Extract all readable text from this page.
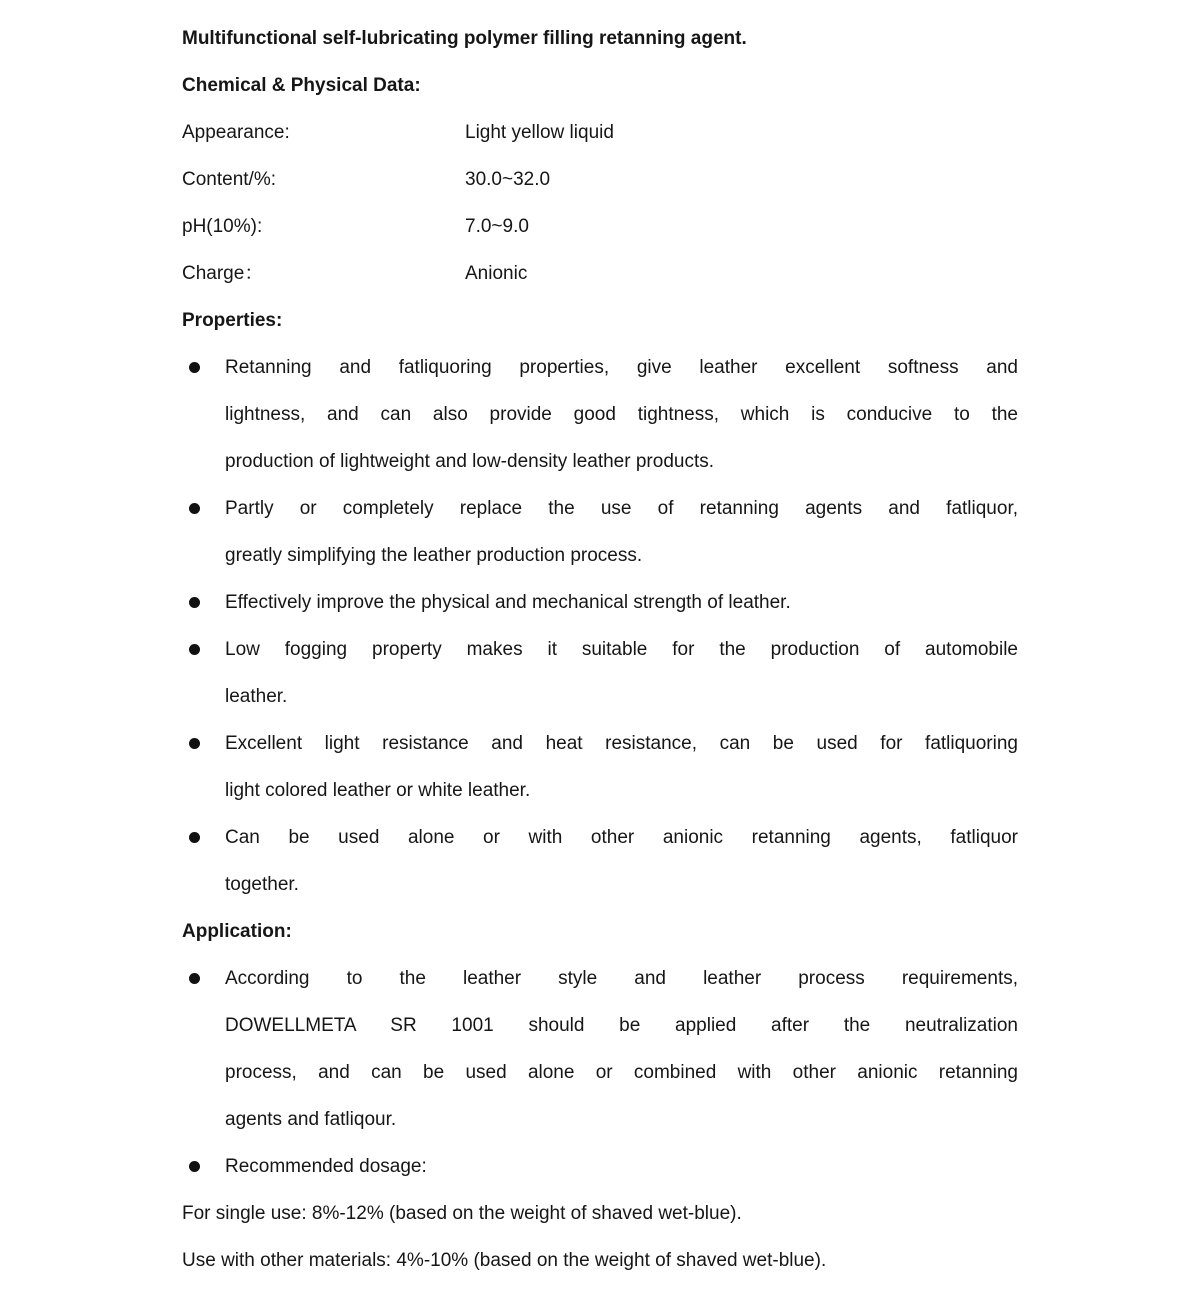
Multifunctional self-lubricating polymer filling retanning agent.
Chemical & Physical Data:
Appearance:	Light yellow liquid
Content/%:	30.0~32.0
pH(10%):	7.0~9.0
Charge：	Anionic
Properties:
Retanning and fatliquoring properties, give leather excellent softness and
lightness, and can also provide good tightness, which is conducive to the
production of lightweight and low-density leather products.
Partly or completely replace the use of retanning agents and fatliquor,
greatly simplifying the leather production process.
Effectively improve the physical and mechanical strength of leather.
Low fogging property makes it suitable for the production of automobile
leather.
Excellent light resistance and heat resistance, can be used for fatliquoring
light colored leather or white leather.
Can be used alone or with other anionic retanning agents, fatliquor
together.
Application:
According to the leather style and leather process requirements,
DOWELLMETA SR 1001 should be applied after the neutralization
process, and can be used alone or combined with other anionic retanning
agents and fatliqour.
Recommended dosage:
For single use: 8%-12% (based on the weight of shaved wet-blue).
Use with other materials: 4%-10% (based on the weight of shaved wet-blue).
